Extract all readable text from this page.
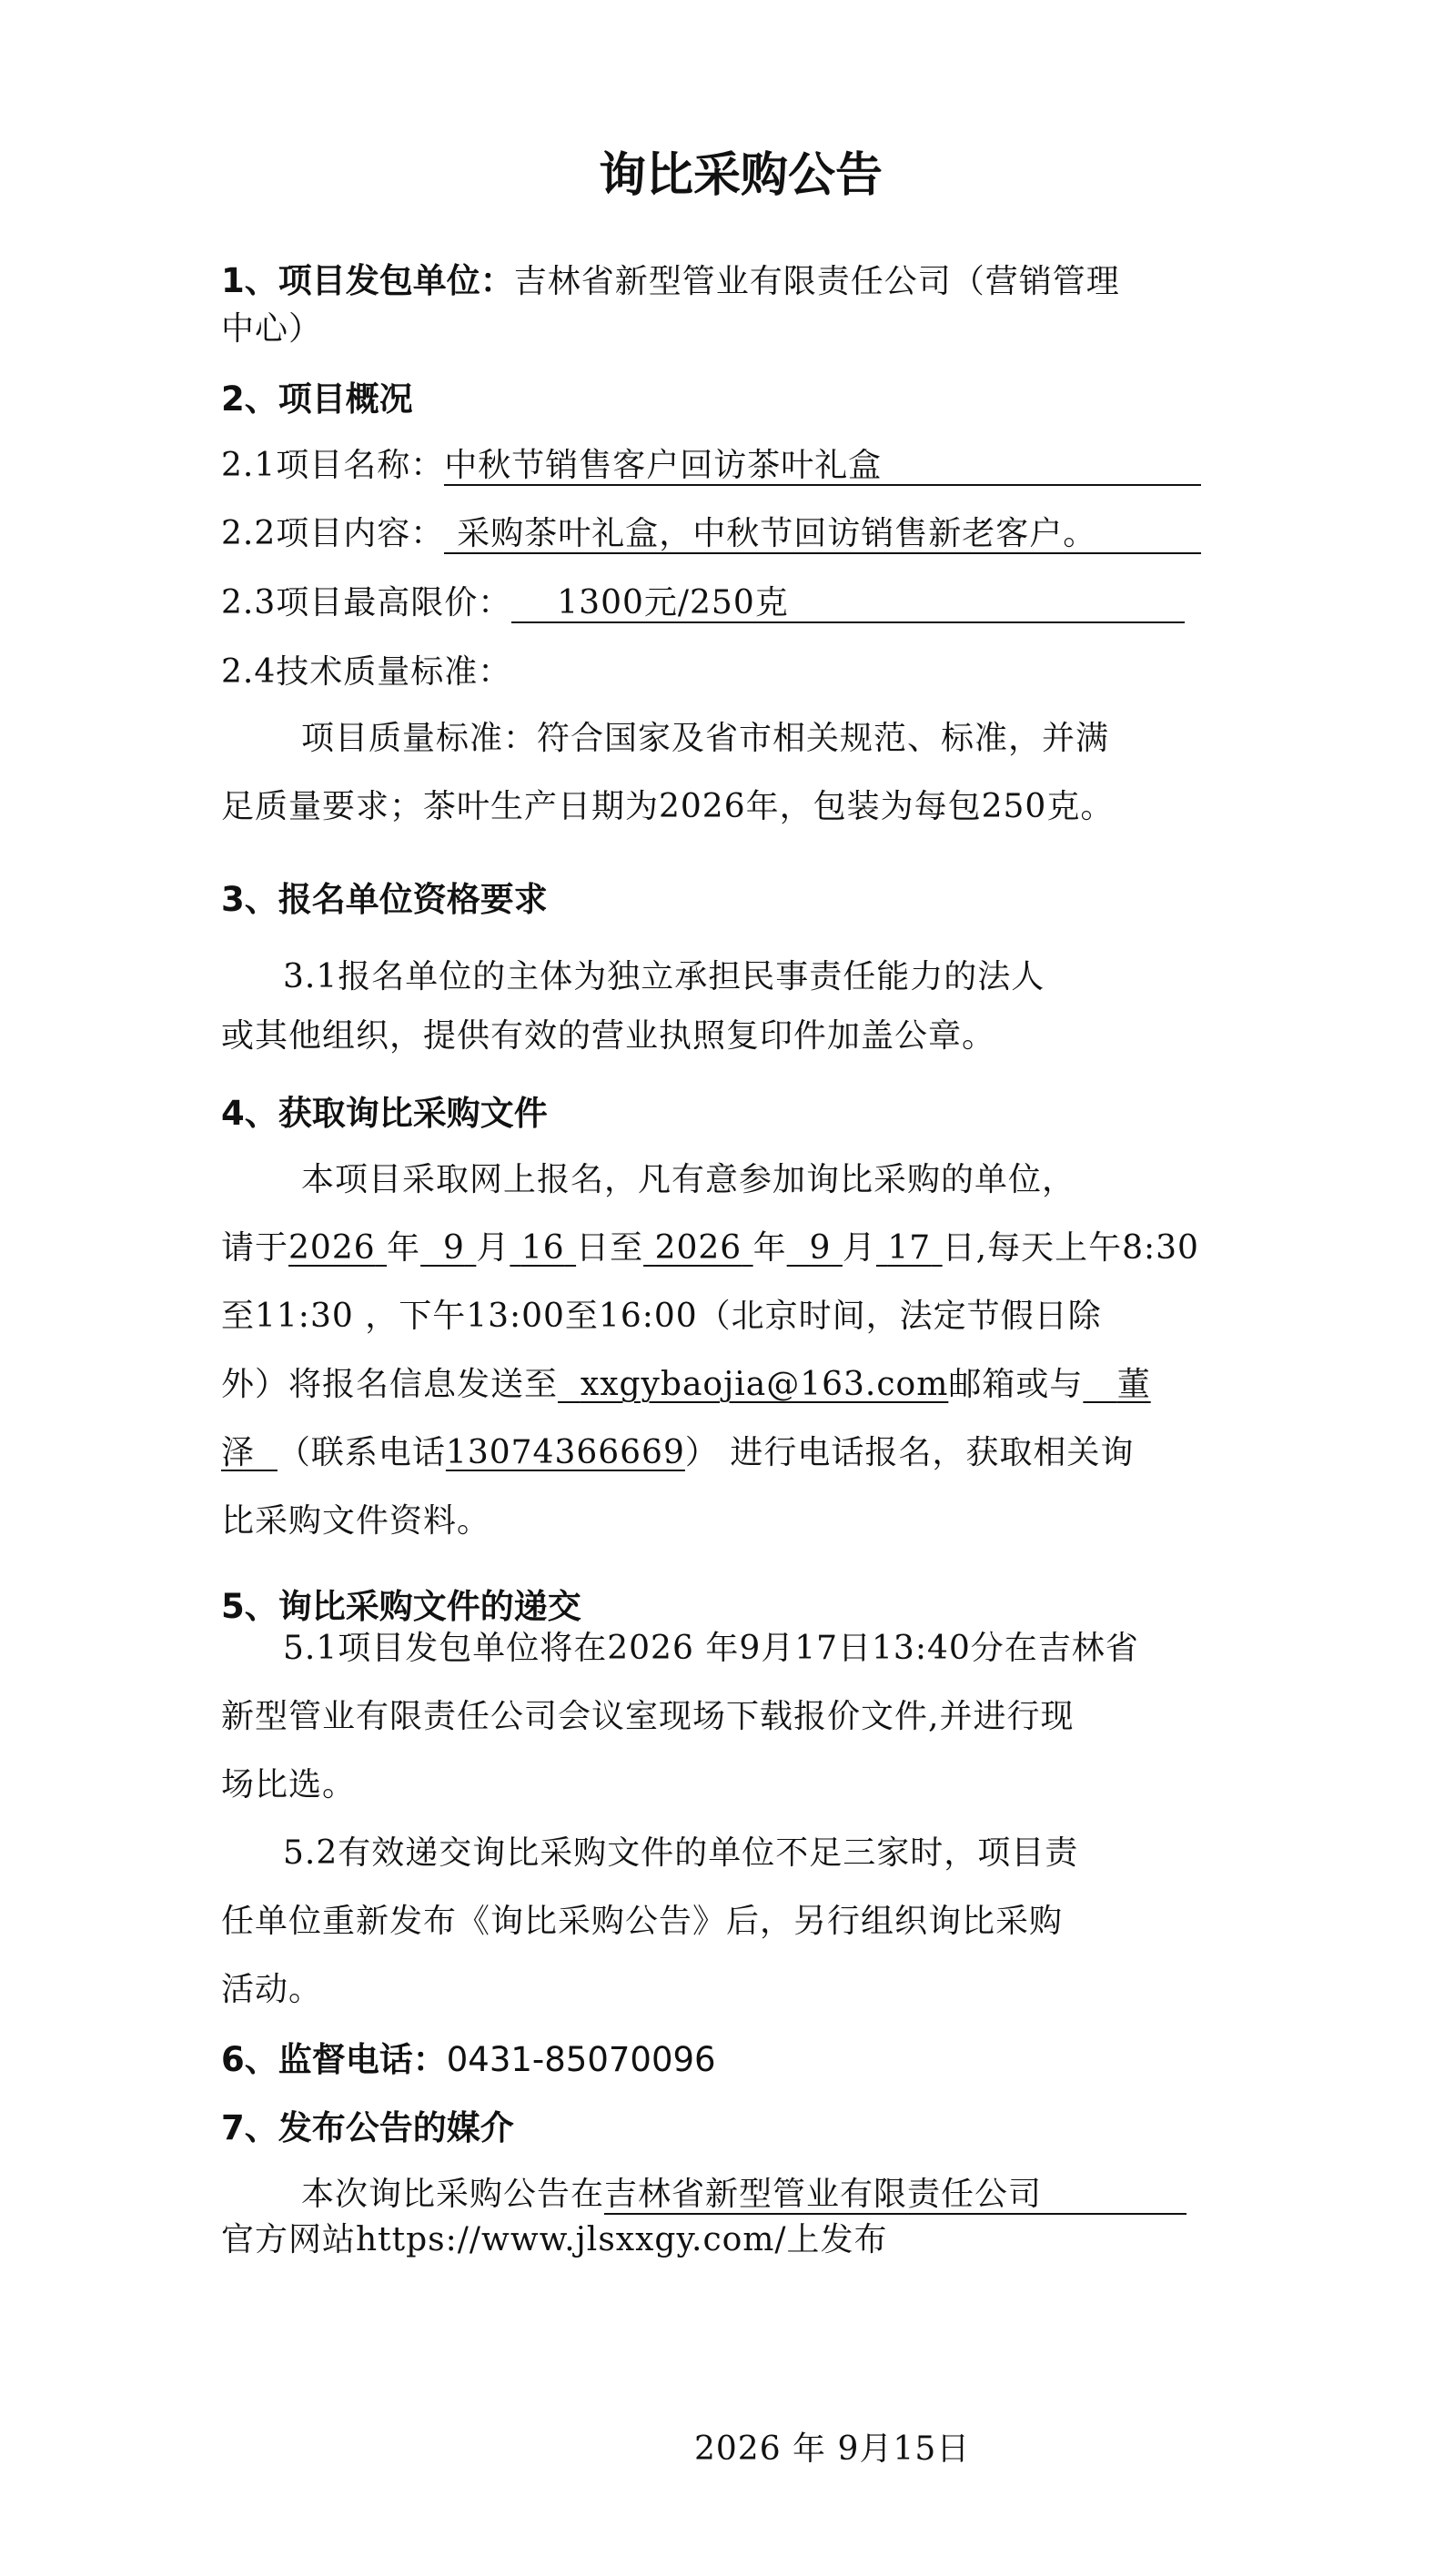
询比采购公告
1、项目发包单位：吉林省新型管业有限责任公司（营销管理
中心）
2、项目概况
2.1项目名称：中秋节销售客户回访茶叶礼盒
2.2项目内容： 采购茶叶礼盒，中秋节回访销售新老客户。
2.3项目最高限价： 1300元/250克
2.4技术质量标准：
项目质量标准：符合国家及省市相关规范、标准，并满
足质量要求；茶叶生产日期为2026年，包装为每包250克。
3、报名单位资格要求
3.1报名单位的主体为独立承担民事责任能力的法人
或其他组织，提供有效的营业执照复印件加盖公章。
4、获取询比采购文件
本项目采取网上报名，凡有意参加询比采购的单位，
请于2026 年 9 月 16 日至 2026 年 9 月 17 日,每天上午8:30
至11:30 ，下午13:00至16:00（北京时间，法定节假日除
外）将报名信息发送至 xxgybaojia@163.com邮箱或与 董
泽 （联系电话13074366669） 进行电话报名，获取相关询
比采购文件资料。
5、询比采购文件的递交
5.1项目发包单位将在2026 年9月17日13:40分在吉林省
新型管业有限责任公司会议室现场下载报价文件,并进行现
场比选。
5.2有效递交询比采购文件的单位不足三家时，项目责
任单位重新发布《询比采购公告》后，另行组织询比采购
活动。
6、监督电话：0431-85070096
7、发布公告的媒介
本次询比采购公告在吉林省新型管业有限责任公司
官方网站https://www.jlsxxgy.com/上发布
2026 年 9月15日
